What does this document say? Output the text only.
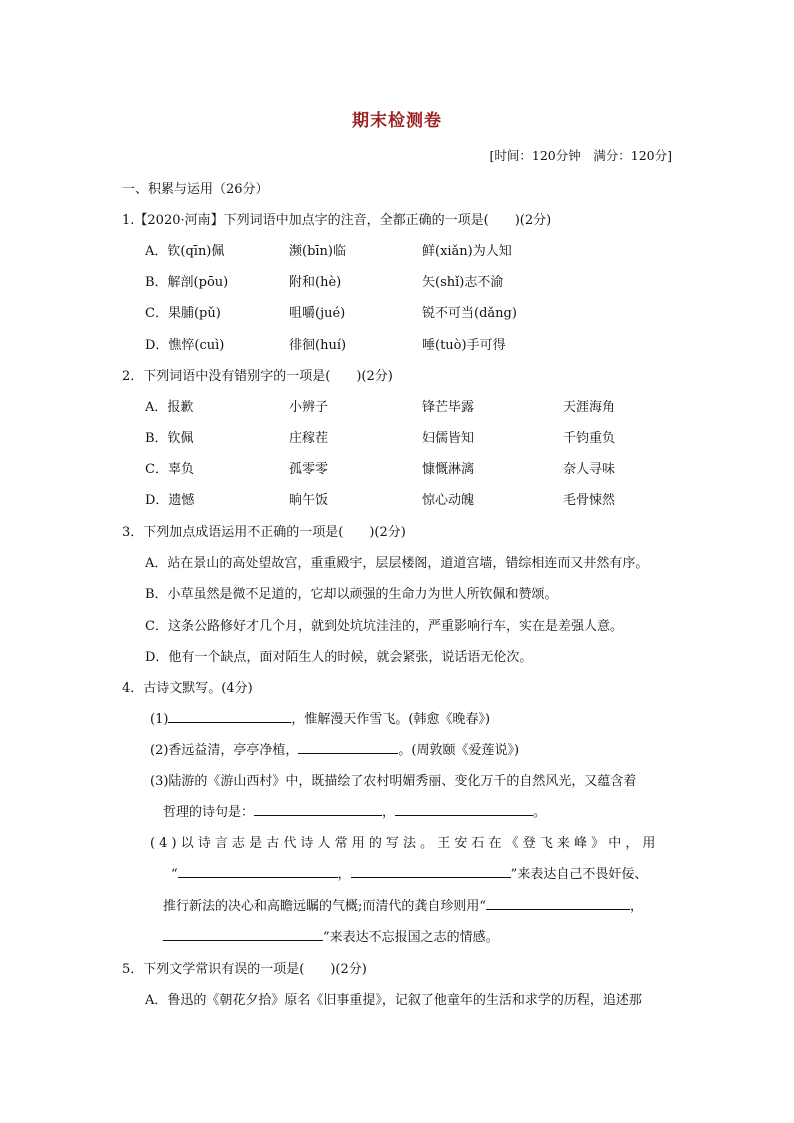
期末检测卷
[时间：120分钟　满分：120分]
一、积累与运用（26分）
1.【2020·河南】下列词语中加点字的注音，全都正确的一项是(　　)(2分)
A．钦(qīn)佩	濒(bīn)临	鲜(xiǎn)为人知
B．解剖(pōu)	附和(hè)	矢(shǐ)志不渝
C．果脯(pǔ)	咀嚼(jué)	锐不可当(dǎng)
D．憔悴(cuì)	徘徊(huí)	唾(tuò)手可得
2．下列词语中没有错别字的一项是(　　)(2分)
A．报歉	小辨子	锋芒毕露	天涯海角
B．钦佩	庄稼茬	妇儒皆知	千钧重负
C．辜负	孤零零	慷慨淋漓	奈人寻味
D．遗憾	晌午饭	惊心动魄	毛骨悚然
3．下列加点成语运用不正确的一项是(　　)(2分)
A．站在景山的高处望故宫，重重殿宇，层层楼阁，道道宫墙，错综相连而又井然有序。
B．小草虽然是微不足道的，它却以顽强的生命力为世人所钦佩和赞颂。
C．这条公路修好才几个月，就到处坑坑洼洼的，严重影响行车，实在是差强人意。
D．他有一个缺点，面对陌生人的时候，就会紧张，说话语无伦次。
4．古诗文默写。(4分)
(1)	，惟解漫天作雪飞。(韩愈《晚春》)
(2)香远益清，亭亭净植，	。(周敦颐《爱莲说》)
(3)陆游的《游山西村》中，既描绘了农村明媚秀丽、变化万千的自然风光，又蕴含着
哲理的诗句是：	，	。
(4)以诗言志是古代诗人常用的写法。王安石在《登飞来峰》中，用
“	，	”来表达自己不畏奸佞、
推行新法的决心和高瞻远瞩的气概;而清代的龚自珍则用“	，
”来表达不忘报国之志的情感。
5．下列文学常识有误的一项是(　　)(2分)
A．鲁迅的《朝花夕拾》原名《旧事重提》，记叙了他童年的生活和求学的历程，追述那
